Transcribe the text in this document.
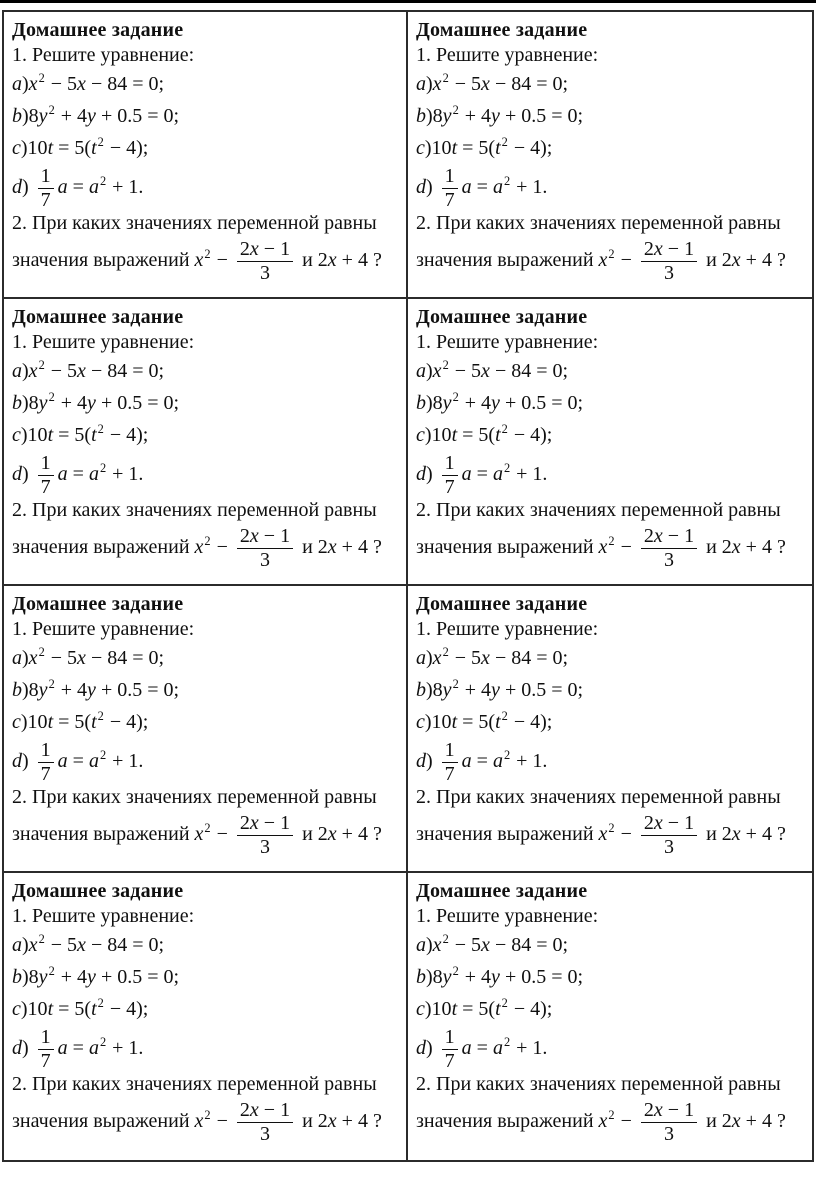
Домашнее задание
1. Решите уравнение:
$a)x^2 - 5x - 84 = 0$;
$b)8y^2 + 4y + 0.5 = 0$;
$c)10t = 5(t^2 - 4)$;
$d) \frac{1}{7}$ $a = a^2 + 1$.
2. При каких значениях переменной равны
значения выражений $x^2 - \frac{2x - 1}{3}$ и 2x + 4 ?
Домашнее задание
1. Решите уравнение:
$a)x^2 - 5x - 84 = 0$;
$b)8y^2 + 4y + 0.5 = 0$;
$c)10t = 5(t^2 - 4)$;
$d) \frac{1}{7}$ $a = a^2 + 1$.
2. При каких значениях переменной равны
значения выражений $x^2 - \frac{2x - 1}{3}$ и 2x + 4 ?
Домашнее задание
1. Решите уравнение:
$a)x^2 - 5x - 84 = 0$;
$b)8y^2 + 4y + 0.5 = 0$;
$c)10t = 5(t^2 - 4)$;
$d) \frac{1}{7}$ $a = a^2 + 1$.
2. При каких значениях переменной равны
значения выражений $x^2 - \frac{2x - 1}{3}$ и 2x + 4 ?
Домашнее задание
1. Решите уравнение:
$a)x^2 - 5x - 84 = 0$;
$b)8y^2 + 4y + 0.5 = 0$;
$c)10t = 5(t^2 - 4)$;
$d) \frac{1}{7}$ $a = a^2 + 1$.
2. При каких значениях переменной равны
значения выражений $x^2 - \frac{2x - 1}{3}$ и 2x + 4 ?
Домашнее задание
1. Решите уравнение:
$a)x^2 - 5x - 84 = 0$;
$b)8y^2 + 4y + 0.5 = 0$;
$c)10t = 5(t^2 - 4)$;
$d) \frac{1}{7}$ $a = a^2 + 1$.
2. При каких значениях переменной равны
значения выражений $x^2 - \frac{2x - 1}{3}$ и 2x + 4 ?
Домашнее задание
1. Решите уравнение:
$a)x^2 - 5x - 84 = 0$;
$b)8y^2 + 4y + 0.5 = 0$;
$c)10t = 5(t^2 - 4)$;
$d) \frac{1}{7}$ $a = a^2 + 1$.
2. При каких значениях переменной равны
значения выражений $x^2 - \frac{2x - 1}{3}$ и 2x + 4 ?
Домашнее задание
1. Решите уравнение:
$a)x^2 - 5x - 84 = 0$;
$b)8y^2 + 4y + 0.5 = 0$;
$c)10t = 5(t^2 - 4)$;
$d) \frac{1}{7}$ $a = a^2 + 1$.
2. При каких значениях переменной равны
значения выражений $x^2 - \frac{2x - 1}{3}$ и 2x + 4 ?
Домашнее задание
1. Решите уравнение:
$a)x^2 - 5x - 84 = 0$;
$b)8y^2 + 4y + 0.5 = 0$;
$c)10t = 5(t^2 - 4)$;
$d) \frac{1}{7}$ $a = a^2 + 1$.
2. При каких значениях переменной равны
значения выражений $x^2 - \frac{2x - 1}{3}$ и 2x + 4 ?
